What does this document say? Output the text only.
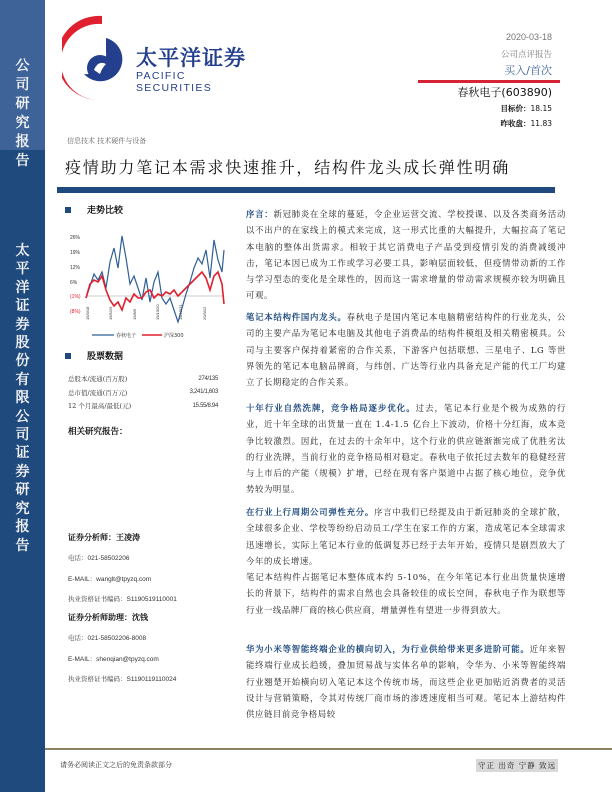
公
司
研
究
报
告
太
平
洋
证
券
股
份
有
限
公
司
证
券
研
究
报
告
太平洋证券
PACIFIC SECURITIES
2020-03-18
公司点评报告
买入/首次
春秋电子(603890)
目标价：18.15
昨收盘：11.83
信息技术 技术硬件与设备
疫情助力笔记本需求快速推升，结构件龙头成长弹性明确
走势比较
26%
19%
12%
6%
(1%)
(8%) 19/3/18	19/5/29	19/8/9	19/10/20	19/12/31	20/3/12
春秋电子	沪深300
股票数据
总股本/流通(百万股)	274/135
总市值/流通(百万元)	3,241/1,603
12 个月最高/最低(元)	15.55/8.94
相关研究报告：
证券分析师：王凌涛
电话：021-58502206
E-MAIL：wanglt@tpyzq.com
执业资格证书编码：S1190519110001
证券分析师助理：沈钱
电话：021-58502206-8008
E-MAIL：shenqian@tpyzq.com
执业资格证书编码：S1190119110024
序言：新冠肺炎在全球的蔓延，令企业运营交流、学校授课、以及各类商务活动以不出户的在家线上的模式来完成，这一形式比重的大幅提升，大幅拉高了笔记本电脑的整体出货需求。相较于其它消费电子产品受到疫情引发的消费减缓冲击，笔记本因已成为工作或学习必要工具，影响层面较低，但疫情带动新的工作与学习型态的变化是全球性的，因而这一需求增量的带动需求规模亦较为明确且可观。
笔记本结构件国内龙头。春秋电子是国内笔记本电脑精密结构件的行业龙头，公司的主要产品为笔记本电脑及其他电子消费品的结构件模组及相关精密模具。公司与主要客户保持着紧密的合作关系，下游客户包括联想、三星电子、LG 等世界领先的笔记本电脑品牌商，与纬创、广达等行业内具备充足产能的代工厂均建立了长期稳定的合作关系。
十年行业自然洗牌，竞争格局逐步优化。过去，笔记本行业是个极为成熟的行业，近十年全球的出货量一直在 1.4-1.5 亿台上下波动，价格十分红海，成本竞争比较激烈。因此，在过去的十余年中，这个行业的供应链渐渐完成了优胜劣汰的行业洗牌，当前行业的竞争格局相对稳定。春秋电子依托过去数年的稳健经营与上市后的产能（规模）扩增，已经在现有客户渠道中占据了核心地位，竞争优势较为明显。
在行业上行周期公司弹性充分。序言中我们已经提及由于新冠肺炎的全球扩散，全球很多企业、学校等纷纷启动员工/学生在家工作的方案，造成笔记本全球需求迅速增长，实际上笔记本行业的低调复苏已经于去年开始，疫情只是剧烈放大了今年的成长增速。
笔记本结构件占据笔记本整体成本约 5-10%，在今年笔记本行业出货量快速增长的背景下，结构件的需求自然也会具备较佳的成长空间，春秋电子作为联想等行业一线品牌厂商的核心供应商，增量弹性有望进一步得到放大。
华为小米等智能终端企业的横向切入，为行业供给带来更多进阶可能。近年来智能终端行业成长趋缓，叠加贸易战与实体名单的影响，令华为、小米等智能终端行业翘楚开始横向切入笔记本这个传统市场，而这些企业更加贴近消费者的灵活设计与营销策略，令其对传统厂商市场的渗透速度相当可观。笔记本上游结构件供应链目前竞争格局较
请务必阅读正文之后的免责条款部分	守正 出奇 宁静 致远
